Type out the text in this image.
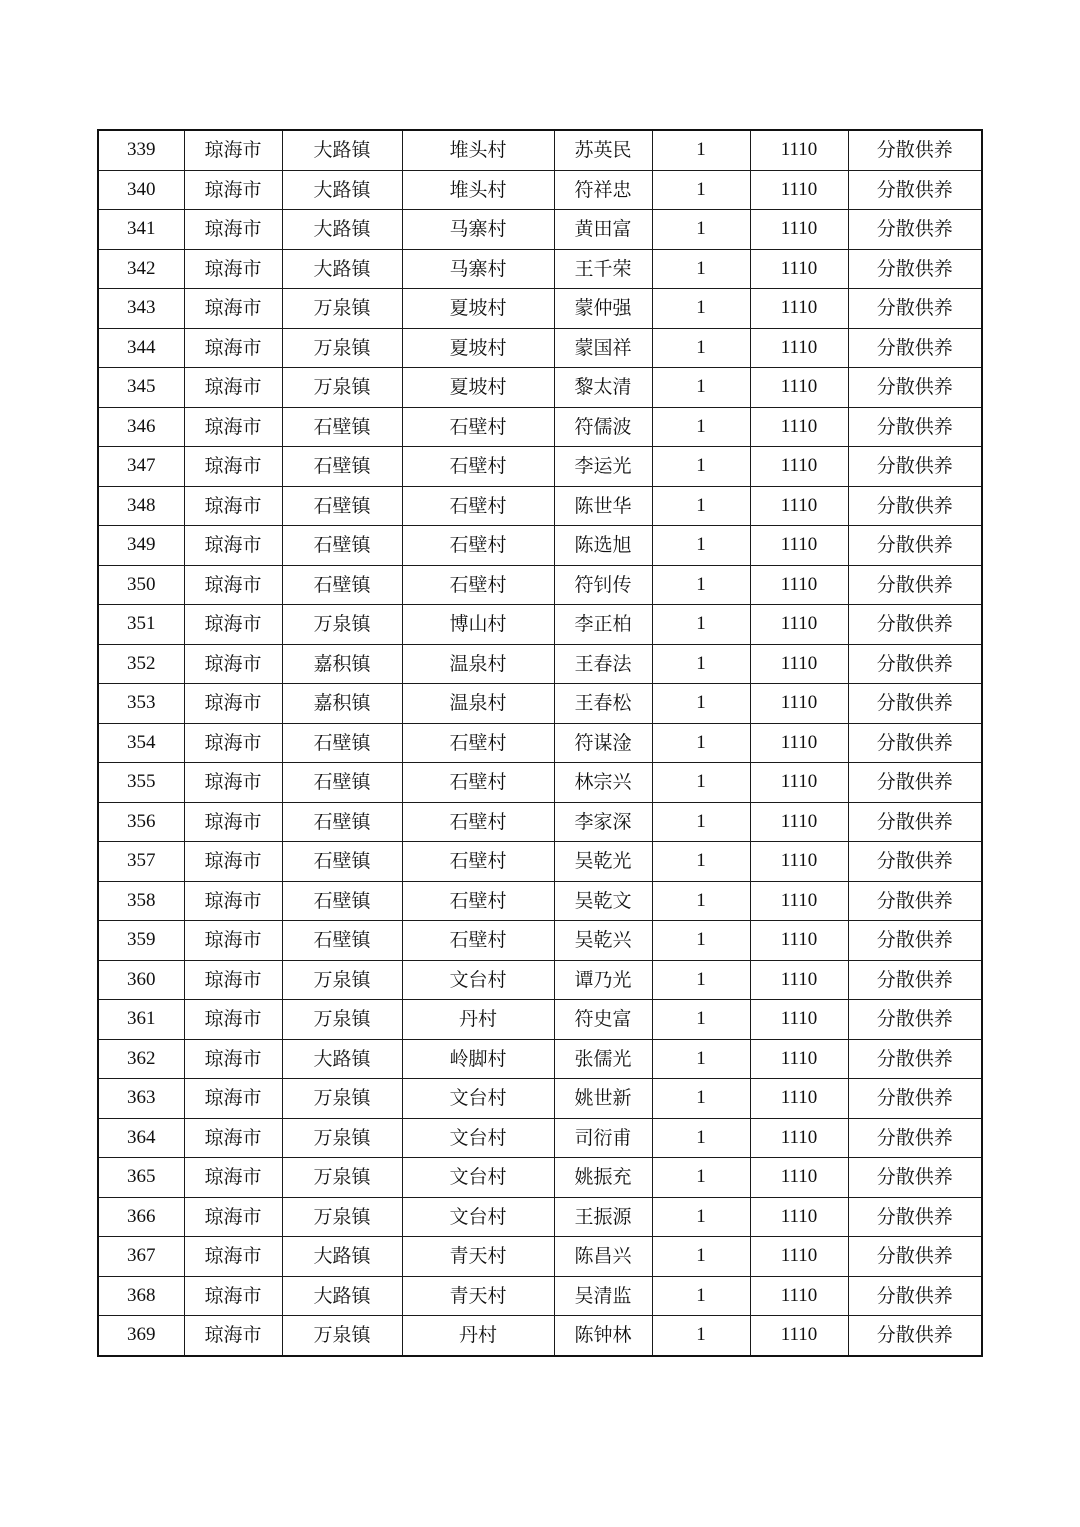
339	琼海市	大路镇	堆头村	苏英民	1	1110	分散供养
340	琼海市	大路镇	堆头村	符祥忠	1	1110	分散供养
341	琼海市	大路镇	马寨村	黄田富	1	1110	分散供养
342	琼海市	大路镇	马寨村	王千荣	1	1110	分散供养
343	琼海市	万泉镇	夏坡村	蒙仲强	1	1110	分散供养
344	琼海市	万泉镇	夏坡村	蒙国祥	1	1110	分散供养
345	琼海市	万泉镇	夏坡村	黎太清	1	1110	分散供养
346	琼海市	石壁镇	石壁村	符儒波	1	1110	分散供养
347	琼海市	石壁镇	石壁村	李运光	1	1110	分散供养
348	琼海市	石壁镇	石壁村	陈世华	1	1110	分散供养
349	琼海市	石壁镇	石壁村	陈选旭	1	1110	分散供养
350	琼海市	石壁镇	石壁村	符钊传	1	1110	分散供养
351	琼海市	万泉镇	博山村	李正柏	1	1110	分散供养
352	琼海市	嘉积镇	温泉村	王春法	1	1110	分散供养
353	琼海市	嘉积镇	温泉村	王春松	1	1110	分散供养
354	琼海市	石壁镇	石壁村	符谋淦	1	1110	分散供养
355	琼海市	石壁镇	石壁村	林宗兴	1	1110	分散供养
356	琼海市	石壁镇	石壁村	李家深	1	1110	分散供养
357	琼海市	石壁镇	石壁村	吴乾光	1	1110	分散供养
358	琼海市	石壁镇	石壁村	吴乾文	1	1110	分散供养
359	琼海市	石壁镇	石壁村	吴乾兴	1	1110	分散供养
360	琼海市	万泉镇	文台村	谭乃光	1	1110	分散供养
361	琼海市	万泉镇	丹村	符史富	1	1110	分散供养
362	琼海市	大路镇	岭脚村	张儒光	1	1110	分散供养
363	琼海市	万泉镇	文台村	姚世新	1	1110	分散供养
364	琼海市	万泉镇	文台村	司衍甫	1	1110	分散供养
365	琼海市	万泉镇	文台村	姚振充	1	1110	分散供养
366	琼海市	万泉镇	文台村	王振源	1	1110	分散供养
367	琼海市	大路镇	青天村	陈昌兴	1	1110	分散供养
368	琼海市	大路镇	青天村	吴清监	1	1110	分散供养
369	琼海市	万泉镇	丹村	陈钟林	1	1110	分散供养
